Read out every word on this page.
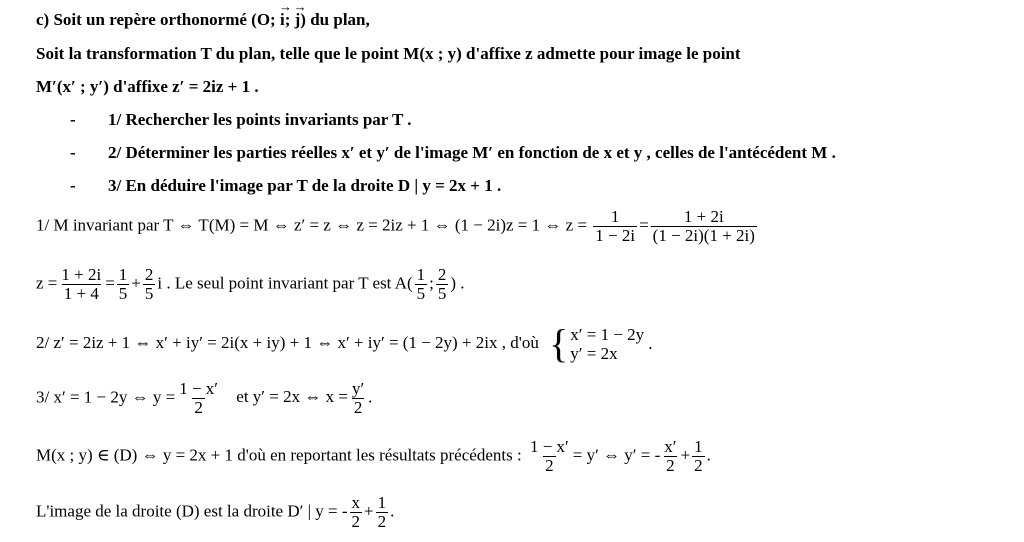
c) Soit un repère orthonormé (O; → i; → j) du plan,
Soit la transformation T du plan, telle que le point M(x ; y) d'affixe z admette pour image le point
M′(x′ ; y′) d'affixe z′ = 2iz + 1 .
- 1/ Rechercher les points invariants par T .
- 2/ Déterminer les parties réelles x′ et y′ de l'image M′ en fonction de x et y , celles de l'antécédent M .
- 3/ En déduire l'image par T de la droite D | y = 2x + 1 .
1/ M invariant par T ⇔ T(M) = M ⇔ z′ = z ⇔ z = 2iz + 1 ⇔ (1 − 2i)z = 1 ⇔ $z = \frac{1}{1 - 2i} = \frac{1 + 2i}{(1 - 2i)(1 + 2i)}$
$z = \frac{1 + 2i}{1 + 4} = \frac{1}{5} + \frac{2}{5}$ i . Le seul point invariant par T est $A( \frac{1}{5}$ ; $\frac{2}{5}$ ) .
2/ z′ = 2iz + 1 ⇔ x′ + iy′ = 2i(x + iy) + 1 ⇔ x′ + iy′ = (1 − 2y) + 2ix , d'où { x′ = 1 − 2y
y′ = 2x
.
3/ x′ = 1 − 2y ⇔ $y = \frac{1 - x'}{2}$ et y′ = 2x ⇔ $x = \frac{y'}{2}$ .
M(x ; y) ∈ (D) ⇔ y = 2x + 1 d'où en reportant les résultats précédents : $\frac{1 - x'}{2} = y'$ ⇔ y′ = - $\frac{x'}{2} + \frac{1}{2}$ .
L'image de la droite (D) est la droite D′ | y = - $\frac{x}{2} + \frac{1}{2}$ .
